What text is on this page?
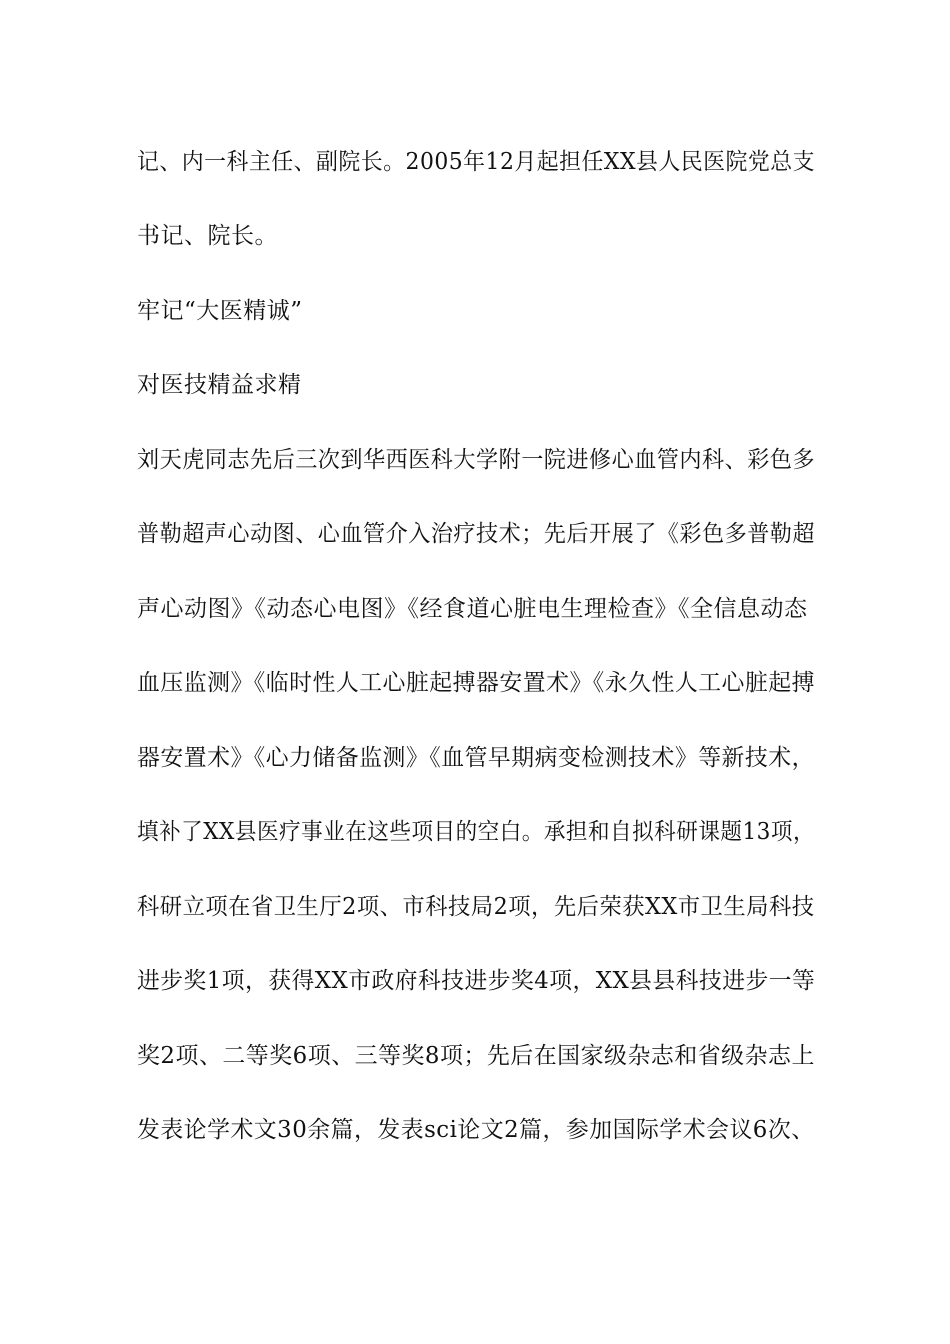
记、内一科主任、副院长。2005年12月起担任XX县人民医院党总支

书记、院长。

牢记“大医精诚”

对医技精益求精

刘天虎同志先后三次到华西医科大学附一院进修心血管内科、彩色多

普勒超声心动图、心血管介入治疗技术；先后开展了《彩色多普勒超

声心动图》《动态心电图》《经食道心脏电生理检查》《全信息动态

血压监测》《临时性人工心脏起搏器安置术》《永久性人工心脏起搏

器安置术》《心力储备监测》《血管早期病变检测技术》等新技术，

填补了XX县医疗事业在这些项目的空白。承担和自拟科研课题13项，

科研立项在省卫生厅2项、市科技局2项，先后荣获XX市卫生局科技

进步奖1项，获得XX市政府科技进步奖4项，XX县县科技进步一等

奖2项、二等奖6项、三等奖8项；先后在国家级杂志和省级杂志上

发表论学术文30余篇，发表sci论文2篇，参加国际学术会议6次、
